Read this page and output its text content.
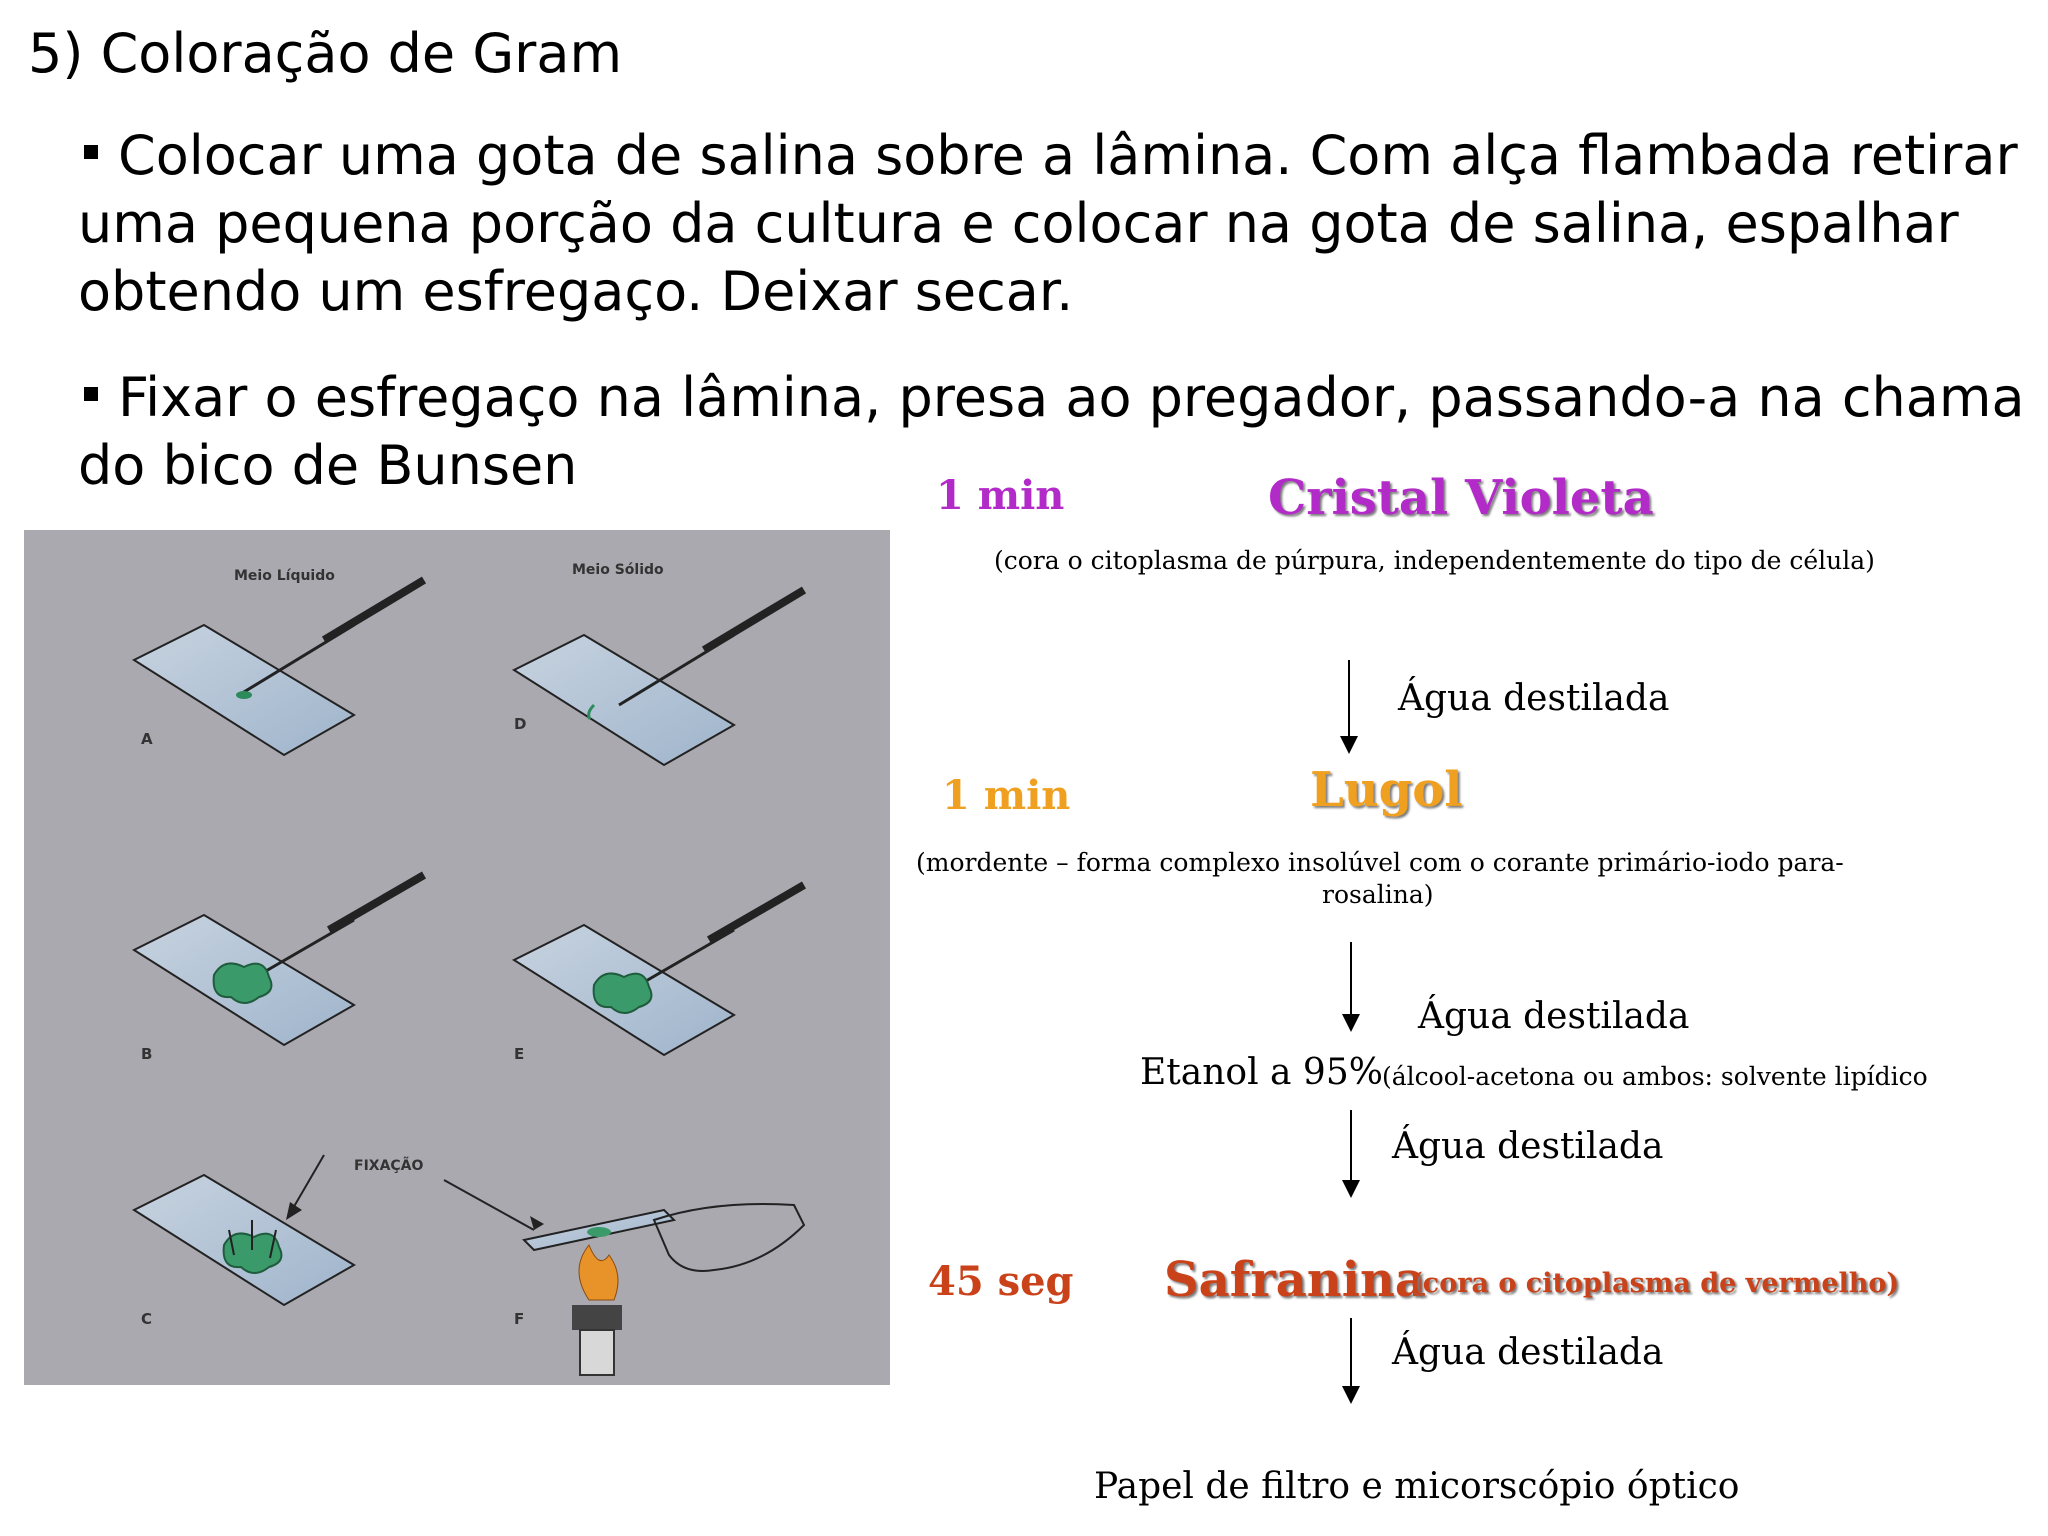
5) Coloração de Gram
Colocar uma gota de salina sobre a lâmina. Com alça flambada retirar uma pequena porção da cultura e colocar na gota de salina, espalhar obtendo um esfregaço. Deixar secar.
Fixar o esfregaço na lâmina, presa ao pregador, passando-a na chama do bico de Bunsen
Meio Líquido	Meio Sólido
FIXAÇÃO
A
B
C
D
E
F
1 min	Cristal Violeta
(cora o citoplasma de púrpura, independentemente do tipo de célula)
Água destilada
1 min	Lugol
(mordente – forma complexo insolúvel com o corante primário-iodo para-
rosalina)
Água destilada
Etanol a 95% (álcool-acetona ou ambos: solvente lipídico
Água destilada
45 seg Safranina
(cora o citoplasma de vermelho)
Água destilada
Papel de filtro e micorscópio óptico
